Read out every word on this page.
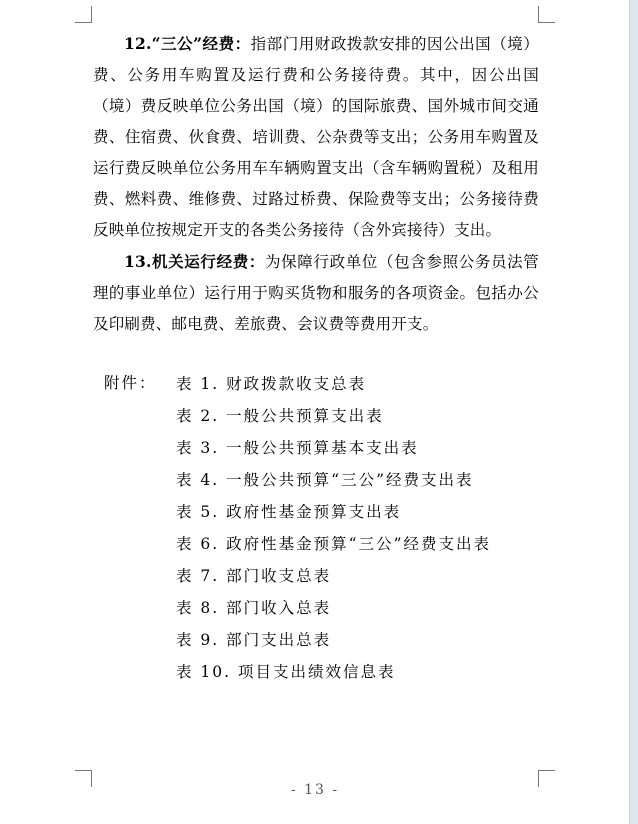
12.“三公”经费：指部门用财政拨款安排的因公出国（境）费、公务用车购置及运行费和公务接待费。其中，因公出国（境）费反映单位公务出国（境）的国际旅费、国外城市间交通费、住宿费、伙食费、培训费、公杂费等支出；公务用车购置及运行费反映单位公务用车车辆购置支出（含车辆购置税）及租用费、燃料费、维修费、过路过桥费、保险费等支出；公务接待费反映单位按规定开支的各类公务接待（含外宾接待）支出。

13.机关运行经费：为保障行政单位（包含参照公务员法管理的事业单位）运行用于购买货物和服务的各项资金。包括办公及印刷费、邮电费、差旅费、会议费等费用开支。

附件：	表 1. 财政拨款收支总表
表 2. 一般公共预算支出表
表 3. 一般公共预算基本支出表
表 4. 一般公共预算“三公”经费支出表
表 5. 政府性基金预算支出表
表 6. 政府性基金预算“三公”经费支出表
表 7. 部门收支总表
表 8. 部门收入总表
表 9. 部门支出总表
表 10. 项目支出绩效信息表
- 13 -
